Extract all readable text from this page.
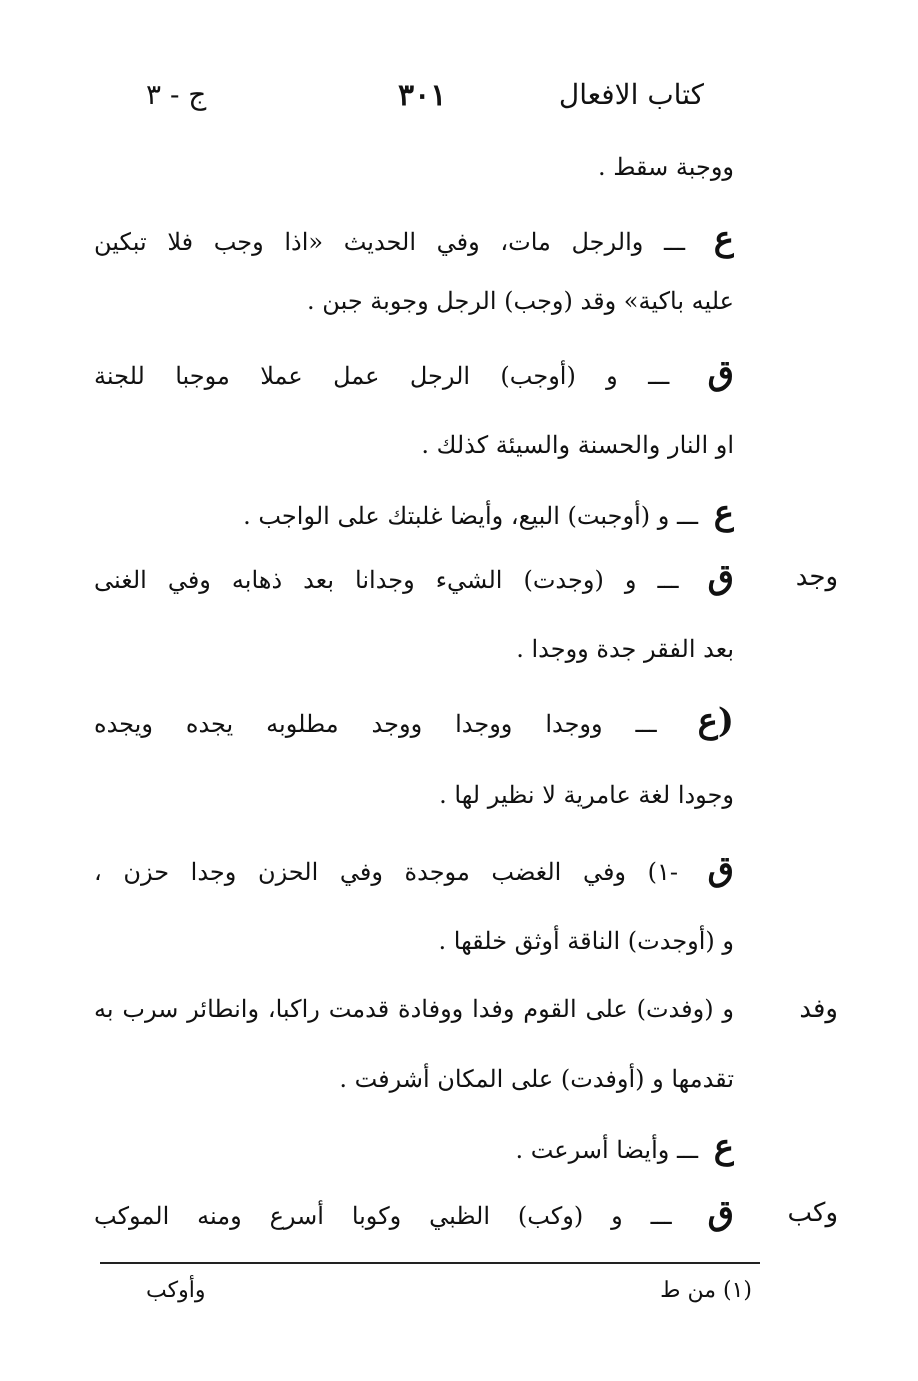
كتاب الافعال
٣٠١
ج - ٣
ووجبة سقط .
ع ـــ والرجل مات، وفي الحديث «اذا وجب فلا تبكين
عليه باكية» وقد (وجب) الرجل وجوبة جبن .
ق ـــ و (أوجب) الرجل عمل عملا موجبا للجنة
او النار والحسنة والسيئة كذلك .
ع ـــ و (أوجبت) البيع، وأيضا غلبتك على الواجب .
وجد
ق ـــ و (وجدت) الشيء وجدانا بعد ذهابه وفي الغنى
بعد الفقر جدة ووجدا .
(ع ـــ ووجدا ووجدا ووجد مطلوبه يجده ويجده
وجودا لغة عامرية لا نظير لها .
ق -١) وفي الغضب موجدة وفي الحزن وجدا حزن ،
و (أوجدت) الناقة أوثق خلقها .
وفد
و (وفدت) على القوم وفدا ووفادة قدمت راكبا، وانطائر سرب به
تقدمها و (أوفدت) على المكان أشرفت .
ع ـــ وأيضا أسرعت .
وكب
ق ـــ و (وكب) الظبي وكوبا أسرع ومنه الموكب
(١) من ط
وأوكب
